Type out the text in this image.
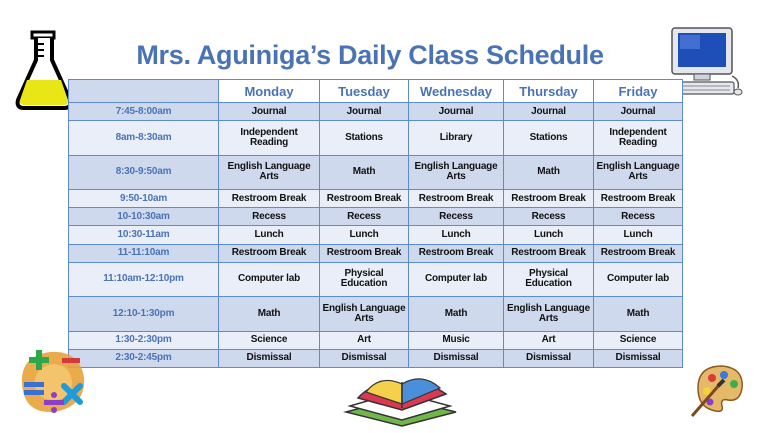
Mrs. Aguiniga’s Daily Class Schedule
	Monday	Tuesday	Wednesday	Thursday	Friday
7:45-8:00am	Journal	Journal	Journal	Journal	Journal
8am-8:30am	Independent Reading	Stations	Library	Stations	Independent Reading
8:30-9:50am	English Language Arts	Math	English Language Arts	Math	English Language Arts
9:50-10am	Restroom Break	Restroom Break	Restroom Break	Restroom Break	Restroom Break
10-10:30am	Recess	Recess	Recess	Recess	Recess
10:30-11am	Lunch	Lunch	Lunch	Lunch	Lunch
11-11:10am	Restroom Break	Restroom Break	Restroom Break	Restroom Break	Restroom Break
11:10am-12:10pm	Computer lab	Physical Education	Computer lab	Physical Education	Computer lab
12:10-1:30pm	Math	English Language Arts	Math	English Language Arts	Math
1:30-2:30pm	Science	Art	Music	Art	Science
2:30-2:45pm	Dismissal	Dismissal	Dismissal	Dismissal	Dismissal
